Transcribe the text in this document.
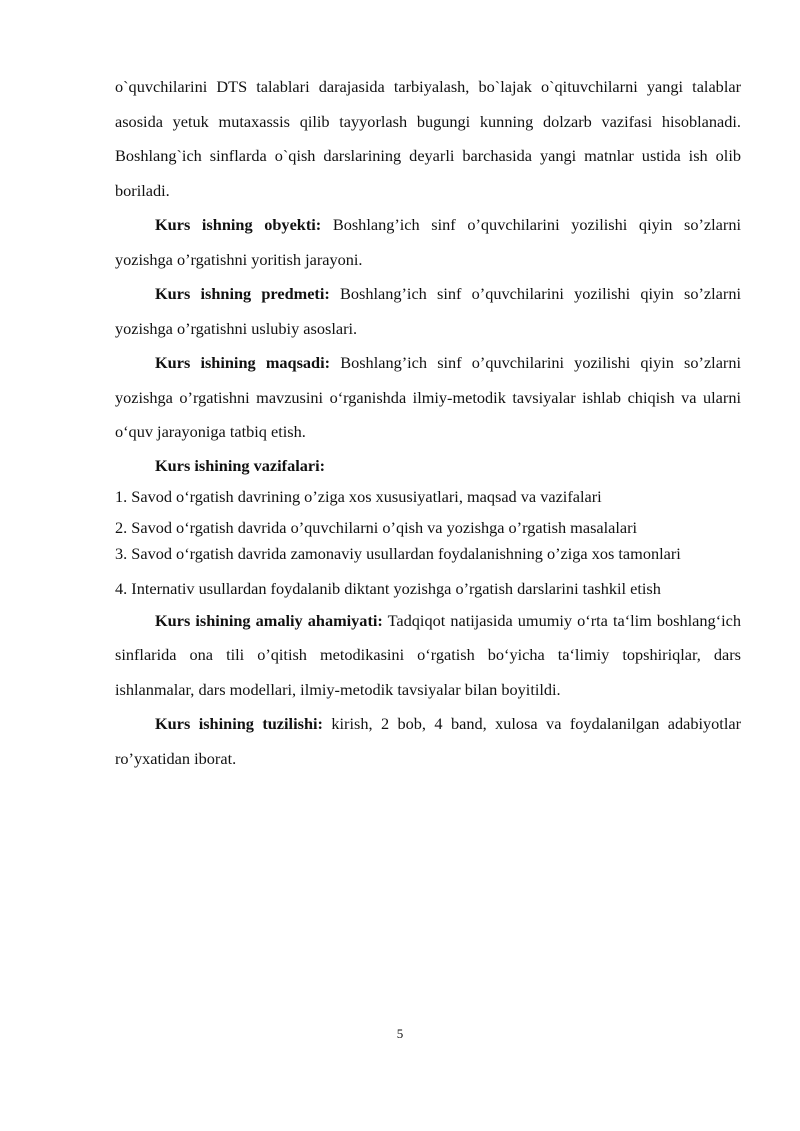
o`quvchilarini DTS talablari darajasida tarbiyalash, bo`lajak o`qituvchilarni yangi talablar asosida yetuk mutaxassis qilib tayyorlash bugungi kunning dolzarb vazifasi hisoblanadi. Boshlang`ich sinflarda o`qish darslarining deyarli barchasida yangi matnlar ustida ish olib boriladi.

Kurs ishning obyekti: Boshlang’ich sinf o’quvchilarini yozilishi qiyin so’zlarni yozishga o’rgatishni yoritish jarayoni.

Kurs ishning predmeti: Boshlang’ich sinf o’quvchilarini yozilishi qiyin so’zlarni yozishga o’rgatishni uslubiy asoslari.

Kurs ishining maqsadi: Boshlang’ich sinf o’quvchilarini yozilishi qiyin so’zlarni yozishga o’rgatishni mavzusini o‘rganishda ilmiy-metodik tavsiyalar ishlab chiqish va ularni o‘quv jarayoniga tatbiq etish.

Kurs ishining vazifalari:

1. Savod o‘rgatish davrining o’ziga xos xususiyatlari, maqsad va vazifalari

2. Savod o‘rgatish davrida o’quvchilarni o’qish va yozishga o’rgatish masalalari

3. Savod o‘rgatish davrida zamonaviy usullardan foydalanishning o’ziga xos tamonlari

4. Internativ usullardan foydalanib diktant yozishga o’rgatish darslarini tashkil etish

Kurs ishining amaliy ahamiyati: Tadqiqot natijasida umumiy o‘rta ta‘lim boshlang‘ich sinflarida ona tili o’qitish metodikasini o‘rgatish bo‘yicha ta‘limiy topshiriqlar, dars ishlanmalar, dars modellari, ilmiy-metodik tavsiyalar bilan boyitildi.

Kurs ishining tuzilishi: kirish, 2 bob, 4 band, xulosa va foydalanilgan adabiyotlar ro’yxatidan iborat.

5
